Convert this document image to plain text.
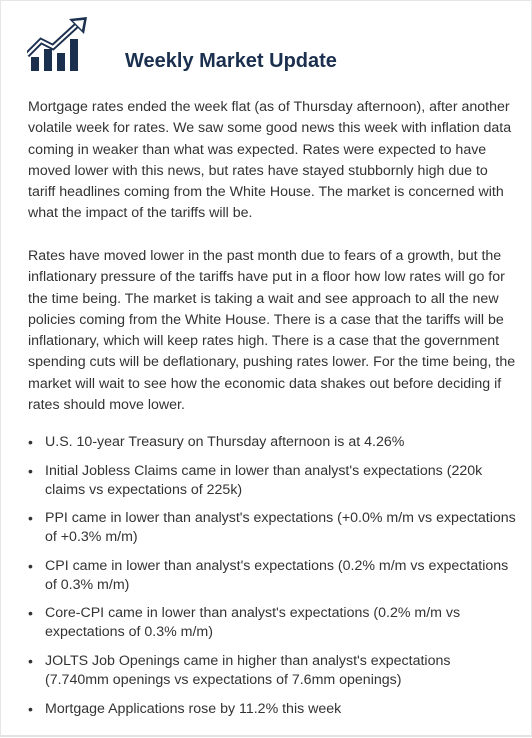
Weekly Market Update

Mortgage rates ended the week flat (as of Thursday afternoon), after another volatile week for rates. We saw some good news this week with inflation data coming in weaker than what was expected. Rates were expected to have moved lower with this news, but rates have stayed stubbornly high due to tariff headlines coming from the White House. The market is concerned with what the impact of the tariffs will be.

Rates have moved lower in the past month due to fears of a growth, but the inflationary pressure of the tariffs have put in a floor how low rates will go for the time being. The market is taking a wait and see approach to all the new policies coming from the White House. There is a case that the tariffs will be inflationary, which will keep rates high. There is a case that the government spending cuts will be deflationary, pushing rates lower. For the time being, the market will wait to see how the economic data shakes out before deciding if rates should move lower.

• U.S. 10-year Treasury on Thursday afternoon is at 4.26%
• Initial Jobless Claims came in lower than analyst's expectations (220k claims vs expectations of 225k)
• PPI came in lower than analyst's expectations (+0.0% m/m vs expectations of +0.3% m/m)
• CPI came in lower than analyst's expectations (0.2% m/m vs expectations of 0.3% m/m)
• Core-CPI came in lower than analyst's expectations (0.2% m/m vs expectations of 0.3% m/m)
• JOLTS Job Openings came in higher than analyst's expectations (7.740mm openings vs expectations of 7.6mm openings)
• Mortgage Applications rose by 11.2% this week
